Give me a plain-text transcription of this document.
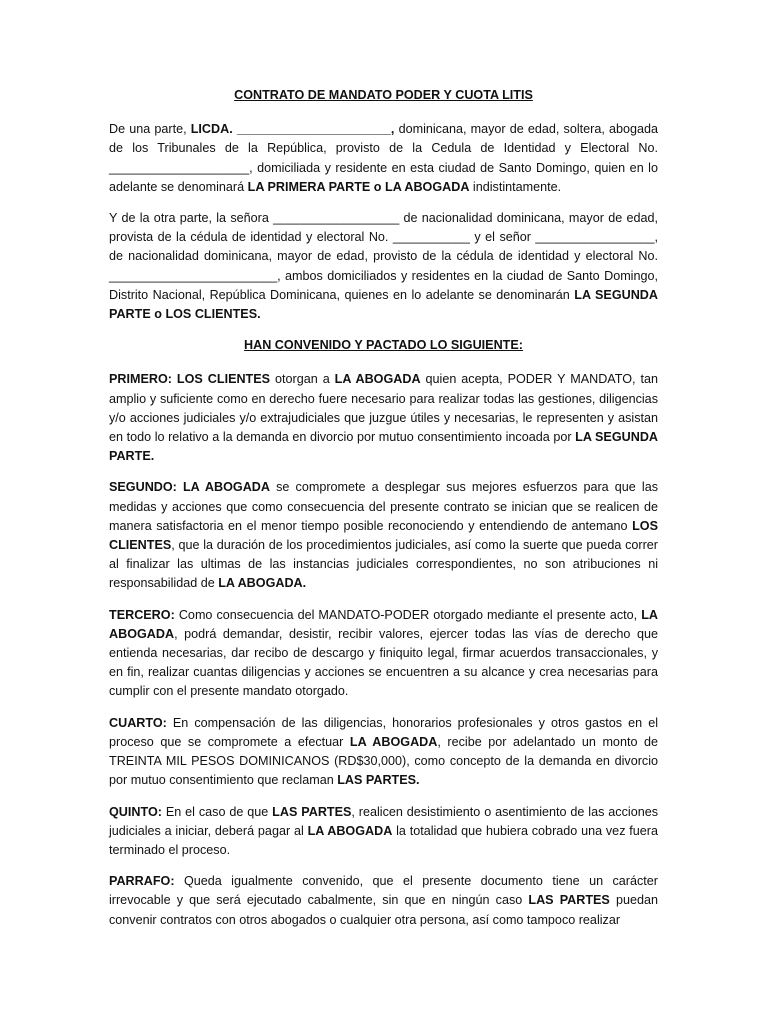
CONTRATO DE MANDATO PODER Y CUOTA LITIS

De una parte, LICDA. ______________________, dominicana, mayor de edad, soltera, abogada de los Tribunales de la República, provisto de la Cedula de Identidad y Electoral No. ____________________, domiciliada y residente en esta ciudad de Santo Domingo, quien en lo adelante se denominará LA PRIMERA PARTE o LA ABOGADA indistintamente.

Y de la otra parte, la señora __________________ de nacionalidad dominicana, mayor de edad, provista de la cédula de identidad y electoral No. ___________ y el señor _________________, de nacionalidad dominicana, mayor de edad, provisto de la cédula de identidad y electoral No. ________________________, ambos domiciliados y residentes en la ciudad de Santo Domingo, Distrito Nacional, República Dominicana, quienes en lo adelante se denominarán LA SEGUNDA PARTE o LOS CLIENTES.

HAN CONVENIDO Y PACTADO LO SIGUIENTE:

PRIMERO: LOS CLIENTES otorgan a LA ABOGADA quien acepta, PODER Y MANDATO, tan amplio y suficiente como en derecho fuere necesario para realizar todas las gestiones, diligencias y/o acciones judiciales y/o extrajudiciales que juzgue útiles y necesarias, le representen y asistan en todo lo relativo a la demanda en divorcio por mutuo consentimiento incoada por LA SEGUNDA PARTE.

SEGUNDO: LA ABOGADA se compromete a desplegar sus mejores esfuerzos para que las medidas y acciones que como consecuencia del presente contrato se inician que se realicen de manera satisfactoria en el menor tiempo posible reconociendo y entendiendo de antemano LOS CLIENTES, que la duración de los procedimientos judiciales, así como la suerte que pueda correr al finalizar las ultimas de las instancias judiciales correspondientes, no son atribuciones ni responsabilidad de LA ABOGADA.

TERCERO: Como consecuencia del MANDATO-PODER otorgado mediante el presente acto, LA ABOGADA, podrá demandar, desistir, recibir valores, ejercer todas las vías de derecho que entienda necesarias, dar recibo de descargo y finiquito legal, firmar acuerdos transaccionales, y en fin, realizar cuantas diligencias y acciones se encuentren a su alcance y crea necesarias para cumplir con el presente mandato otorgado.

CUARTO: En compensación de las diligencias, honorarios profesionales y otros gastos en el proceso que se compromete a efectuar LA ABOGADA, recibe por adelantado un monto de TREINTA MIL PESOS DOMINICANOS (RD$30,000), como concepto de la demanda en divorcio por mutuo consentimiento que reclaman LAS PARTES.

QUINTO: En el caso de que LAS PARTES, realicen desistimiento o asentimiento de las acciones judiciales a iniciar, deberá pagar al LA ABOGADA la totalidad que hubiera cobrado una vez fuera terminado el proceso.

PARRAFO: Queda igualmente convenido, que el presente documento tiene un carácter irrevocable y que será ejecutado cabalmente, sin que en ningún caso LAS PARTES puedan convenir contratos con otros abogados o cualquier otra persona, así como tampoco realizar
